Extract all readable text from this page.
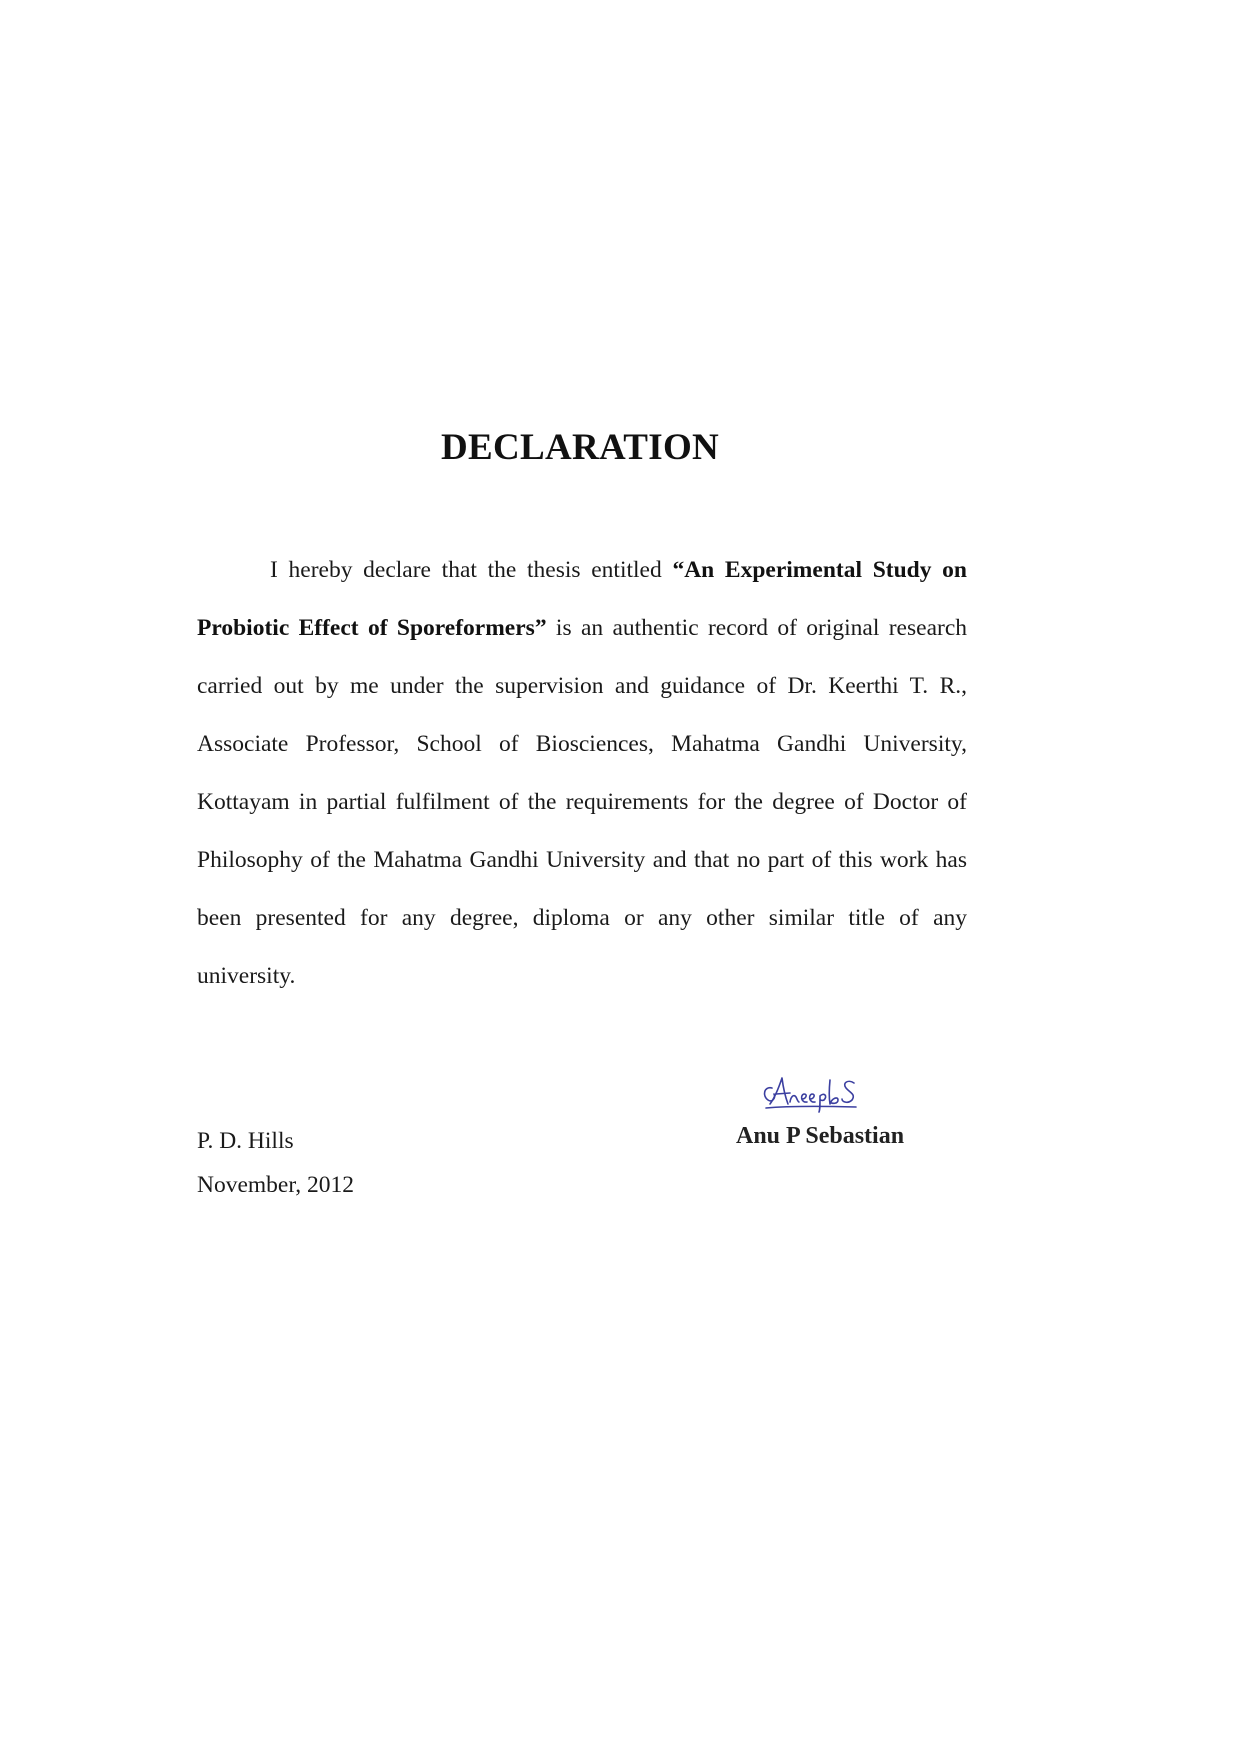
DECLARATION

I hereby declare that the thesis entitled “An Experimental Study on Probiotic Effect of Sporeformers” is an authentic record of original research carried out by me under the supervision and guidance of Dr. Keerthi T. R., Associate Professor, School of Biosciences, Mahatma Gandhi University, Kottayam in partial fulfilment of the requirements for the degree of Doctor of Philosophy of the Mahatma Gandhi University and that no part of this work has been presented for any degree, diploma or any other similar title of any university.

P. D. Hills

November, 2012

Anu P Sebastian
